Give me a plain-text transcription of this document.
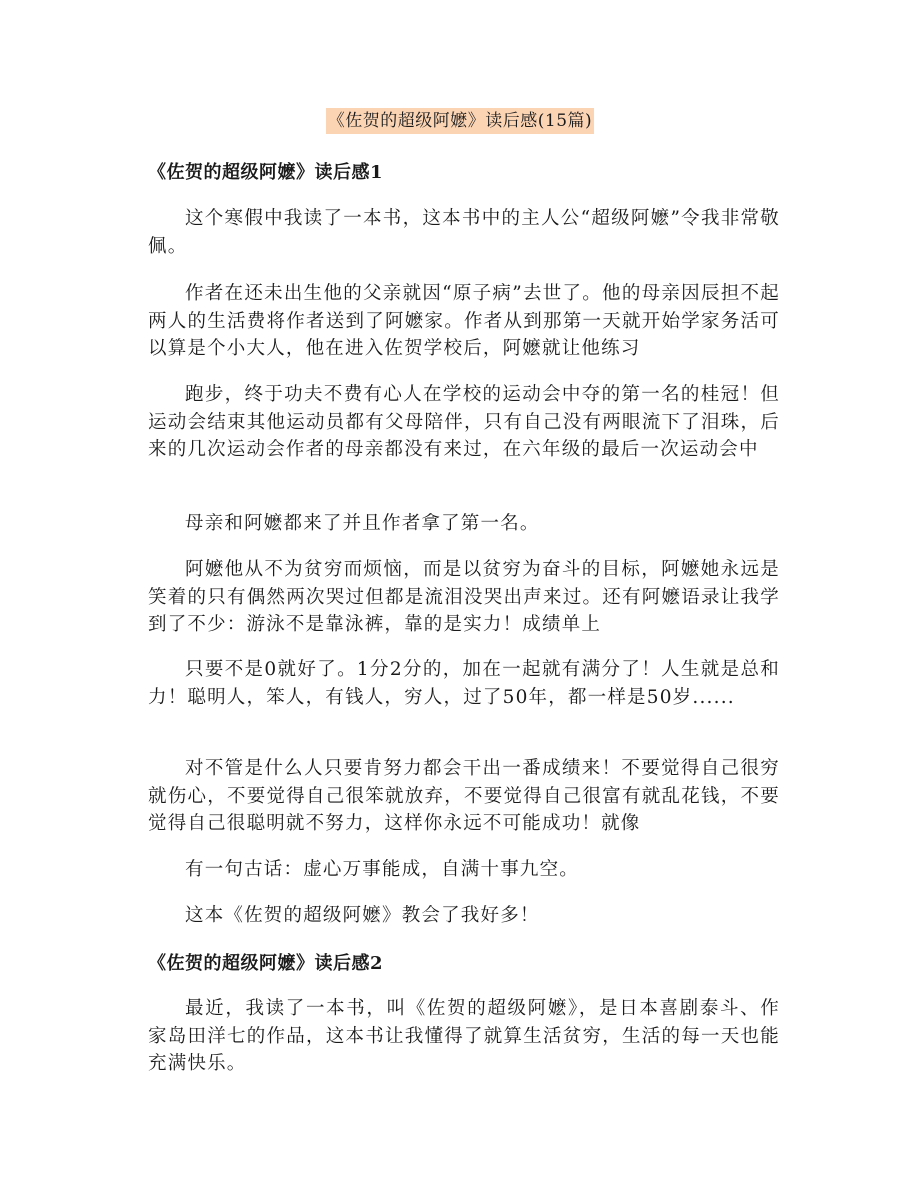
《佐贺的超级阿嬷》读后感(15篇)
《佐贺的超级阿嬷》读后感1
这个寒假中我读了一本书，这本书中的主人公“超级阿嬷”令我非常敬佩。
作者在还未出生他的父亲就因“原子病”去世了。他的母亲因辰担不起两人的生活费将作者送到了阿嬷家。作者从到那第一天就开始学家务活可以算是个小大人，他在进入佐贺学校后，阿嬷就让他练习
跑步，终于功夫不费有心人在学校的运动会中夺的第一名的桂冠！但运动会结束其他运动员都有父母陪伴，只有自己没有两眼流下了泪珠，后来的几次运动会作者的母亲都没有来过，在六年级的最后一次运动会中
母亲和阿嬷都来了并且作者拿了第一名。
阿嬷他从不为贫穷而烦恼，而是以贫穷为奋斗的目标，阿嬷她永远是笑着的只有偶然两次哭过但都是流泪没哭出声来过。还有阿嬷语录让我学到了不少：游泳不是靠泳裤，靠的是实力！成绩单上
只要不是0就好了。1分2分的，加在一起就有满分了！人生就是总和力！聪明人，笨人，有钱人，穷人，过了50年，都一样是50岁......
对不管是什么人只要肯努力都会干出一番成绩来！不要觉得自己很穷就伤心，不要觉得自己很笨就放弃，不要觉得自己很富有就乱花钱，不要觉得自己很聪明就不努力，这样你永远不可能成功！就像
有一句古话：虚心万事能成，自满十事九空。
这本《佐贺的超级阿嬷》教会了我好多！
《佐贺的超级阿嬷》读后感2
最近，我读了一本书，叫《佐贺的超级阿嬷》，是日本喜剧泰斗、作家岛田洋七的作品，这本书让我懂得了就算生活贫穷，生活的每一天也能充满快乐。
